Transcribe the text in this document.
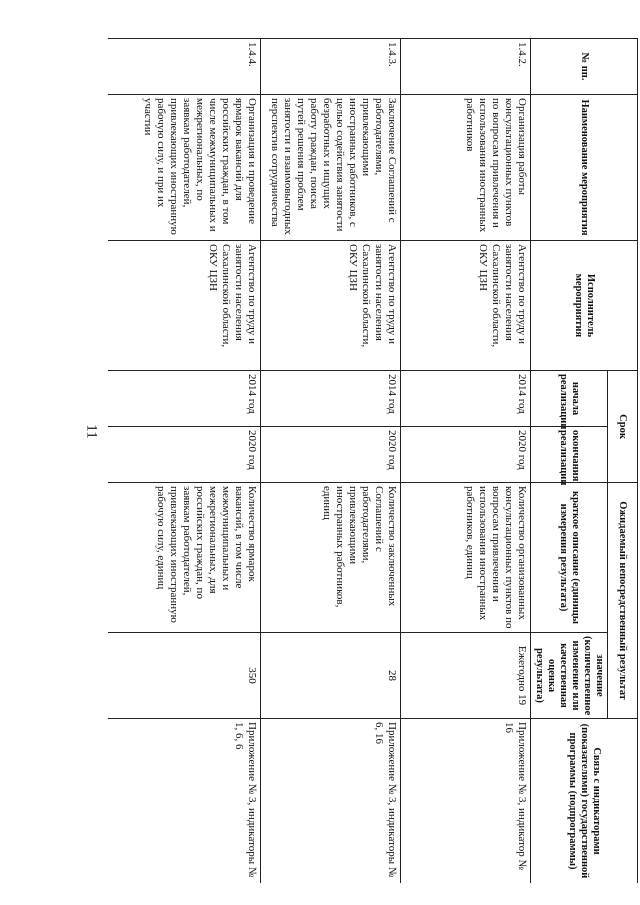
11
№ пп.	Наименование мероприятия	Исполнитель мероприятия	Срок		Ожидаемый непосредственный результат		Связь с индикаторами (показателями) государственной программы (подпрограммы)
			начала реализации	окончания реализации	краткое описание (единицы измерения результата)	значение (количественное изменение или качественная оценка результата)	
1.4.2.	Организация работы консультационных пунктов по вопросам привлечения и использования иностранных работников	Агентство по труду и занятости населения Сахалинской области, ОКУ ЦЗН	2014 год	2020 год	Количество организованных консультационных пунктов по вопросам привлечения и использования иностранных работников, единиц	Ежегодно 19	Приложение № 3, индикатор № 16
1.4.3.	Заключение Соглашений с работодателями, привлекающими иностранных работников, с целью содействия занятости безработных и ищущих работу граждан, поиска путей решения проблем занятости и взаимовыгодных перспектив сотрудничества	Агентство по труду и занятости населения Сахалинской области, ОКУ ЦЗН	2014 год	2020 год	Количество заключенных Соглашений с работодателями, привлекающими иностранных работников, единиц	28	Приложение № 3, индикаторы № 6, 16
1.4.4.	Организация и проведение ярмарок вакансий для российских граждан, в том числе межмуниципальных и межрегиональных, по заявкам работодателей, привлекающих иностранную рабочую силу, и при их участии	Агентство по труду и занятости населения Сахалинской области, ОКУ ЦЗН	2014 год	2020 год	Количество ярмарок вакансий, в том числе межмуниципальных и межрегиональных, для российских граждан, по заявкам работодателей, привлекающих иностранную рабочую силу, единиц	350	Приложение № 3, индикаторы № 1, 6, 6
